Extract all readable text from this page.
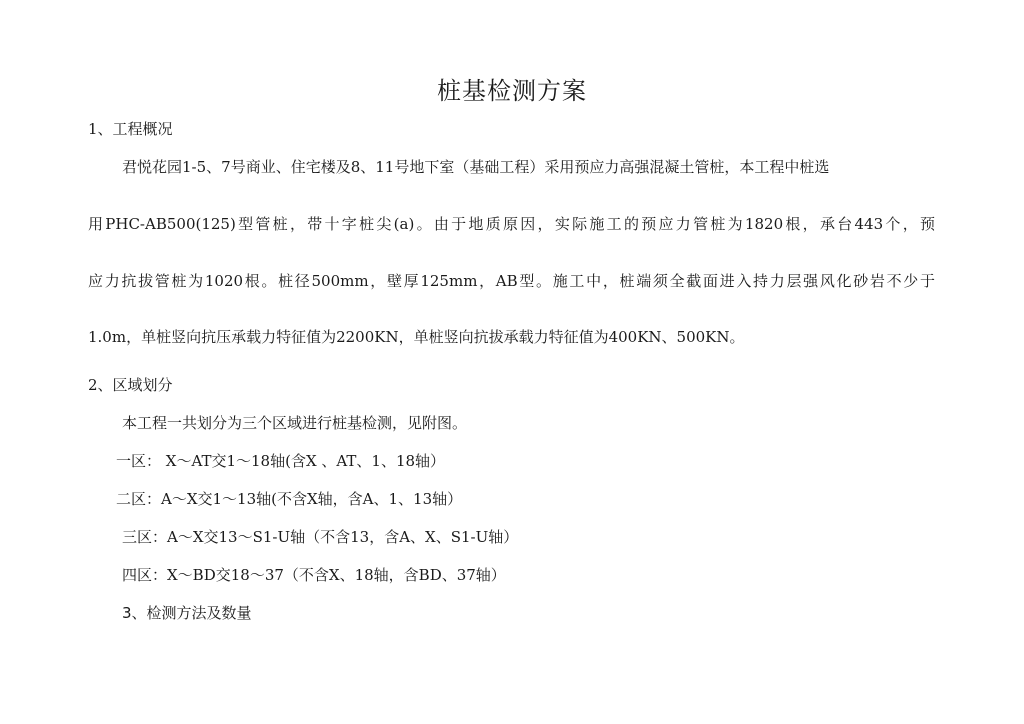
桩基检测方案
1、工程概况
君悦花园1-5、7号商业、住宅楼及8、11号地下室（基础工程）采用预应力高强混凝土管桩，本工程中桩选
用PHC-AB500(125)型管桩，带十字桩尖(a)。由于地质原因，实际施工的预应力管桩为1820根，承台443个，预
应力抗拔管桩为1020根。桩径500mm，壁厚125mm，AB型。施工中，桩端须全截面进入持力层强风化砂岩不少于
1.0m，单桩竖向抗压承载力特征值为2200KN，单桩竖向抗拔承载力特征值为400KN、500KN。
2、区域划分
本工程一共划分为三个区域进行桩基检测，见附图。
一区： X～AT交1～18轴(含X 、AT、1、18轴）
二区：A～X交1～13轴(不含X轴，含A、1、13轴）
三区：A～X交13～S1-U轴（不含13，含A、X、S1-U轴）
四区：X～BD交18～37（不含X、18轴，含BD、37轴）
3、检测方法及数量
